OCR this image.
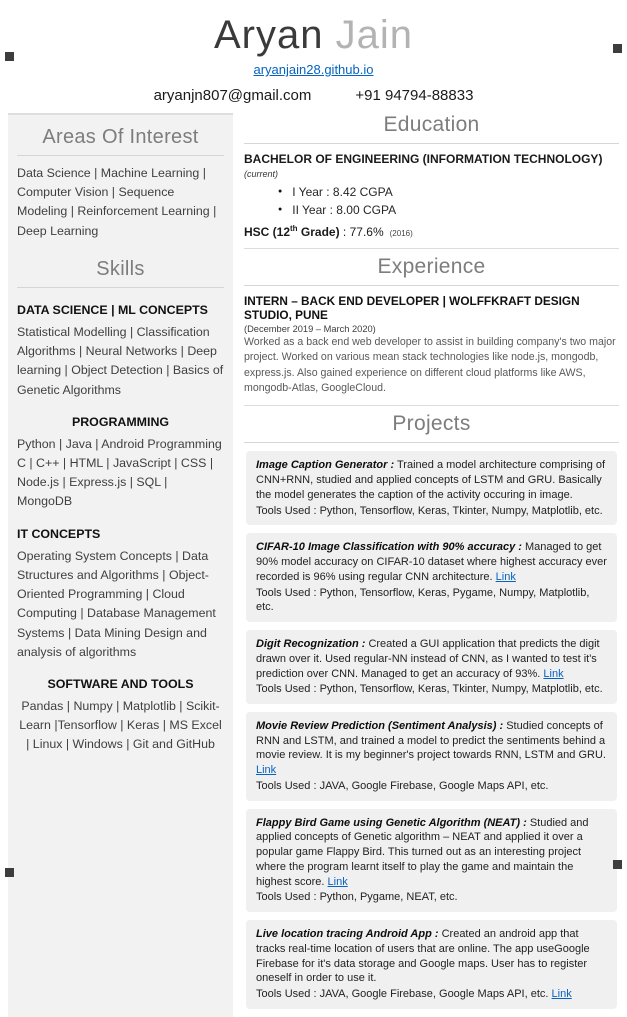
Aryan Jain
aryanjain28.github.io
aryanjn807@gmail.com	+91 94794-88833
Areas Of Interest

Data Science | Machine Learning | Computer Vision | Sequence Modeling | Reinforcement Learning | Deep Learning

Skills
DATA SCIENCE | ML CONCEPTS

Statistical Modelling | Classification Algorithms | Neural Networks | Deep learning | Object Detection | Basics of Genetic Algorithms

PROGRAMMING

Python | Java | Android Programming C | C++ | HTML | JavaScript | CSS | Node.js | Express.js | SQL | MongoDB

IT CONCEPTS

Operating System Concepts | Data Structures and Algorithms | Object-Oriented Programming | Cloud Computing | Database Management Systems | Data Mining Design and analysis of algorithms

SOFTWARE AND TOOLS

Pandas | Numpy | Matplotlib | Scikit-Learn |Tensorflow | Keras | MS Excel | Linux | Windows | Git and GitHub

Education
BACHELOR OF ENGINEERING (INFORMATION TECHNOLOGY) (current)
● I Year : 8.42 CGPA
● II Year : 8.00 CGPA
HSC (12th Grade) : 77.6% (2016)
Experience
INTERN – BACK END DEVELOPER | WOLFFKRAFT DESIGN STUDIO, PUNE
(December 2019 – March 2020)

Worked as a back end web developer to assist in building company's two major project. Worked on various mean stack technologies like node.js, mongodb, express.js. Also gained experience on different cloud platforms like AWS, mongodb-Atlas, GoogleCloud.

Projects
Image Caption Generator : Trained a model architecture comprising of CNN+RNN, studied and applied concepts of LSTM and GRU. Basically the model generates the caption of the activity occuring in image.
Tools Used : Python, Tensorflow, Keras, Tkinter, Numpy, Matplotlib, etc.
CIFAR-10 Image Classification with 90% accuracy : Managed to get 90% model accuracy on CIFAR-10 dataset where highest accuracy ever recorded is 96% using regular CNN architecture. Link
Tools Used : Python, Tensorflow, Keras, Pygame, Numpy, Matplotlib, etc.
Digit Recognization : Created a GUI application that predicts the digit drawn over it. Used regular-NN instead of CNN, as I wanted to test it's prediction over CNN. Managed to get an accuracy of 93%. Link
Tools Used : Python, Tensorflow, Keras, Tkinter, Numpy, Matplotlib, etc.
Movie Review Prediction (Sentiment Analysis) : Studied concepts of RNN and LSTM, and trained a model to predict the sentiments behind a movie review. It is my beginner's project towards RNN, LSTM and GRU. Link
Tools Used : JAVA, Google Firebase, Google Maps API, etc.
Flappy Bird Game using Genetic Algorithm (NEAT) : Studied and applied concepts of Genetic algorithm – NEAT and applied it over a popular game Flappy Bird. This turned out as an interesting project where the program learnt itself to play the game and maintain the highest score. Link
Tools Used : Python, Pygame, NEAT, etc.
Live location tracing Android App : Created an android app that tracks real-time location of users that are online. The app useGoogle Firebase for it's data storage and Google maps. User has to register oneself in order to use it.
Tools Used : JAVA, Google Firebase, Google Maps API, etc. Link
